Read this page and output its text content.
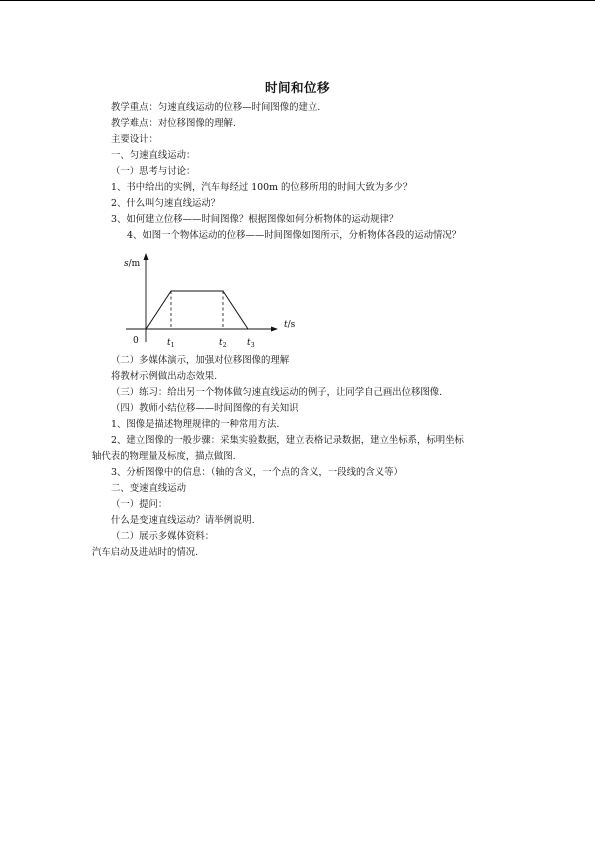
时间和位移
教学重点：匀速直线运动的位移—时间图像的建立.
教学难点：对位移图像的理解.
主要设计：
一、匀速直线运动：
（一）思考与讨论：
1、书中给出的实例，汽车每经过 100m 的位移所用的时间大致为多少？
2、什么叫匀速直线运动？
3、如何建立位移——时间图像？根据图像如何分析物体的运动规律？
4、如图一个物体运动的位移——时间图像如图所示，分析物体各段的运动情况？
（二）多媒体演示，加强对位移图像的理解
将教材示例做出动态效果.
（三）练习：给出另一个物体做匀速直线运动的例子，让同学自己画出位移图像.
（四）教师小结位移——时间图像的有关知识
1、图像是描述物理规律的一种常用方法.
2、建立图像的一般步骤：采集实验数据，建立表格记录数据，建立坐标系，标明坐标
轴代表的物理量及标度，描点做图.
3、分析图像中的信息：（轴的含义，一个点的含义，一段线的含义等）
二、变速直线运动
（一）提问：
什么是变速直线运动？请举例说明.
（二）展示多媒体资料：
汽车启动及进站时的情况.
s/m
t/s
0	$t_1$	$t_2$ $t_3$
